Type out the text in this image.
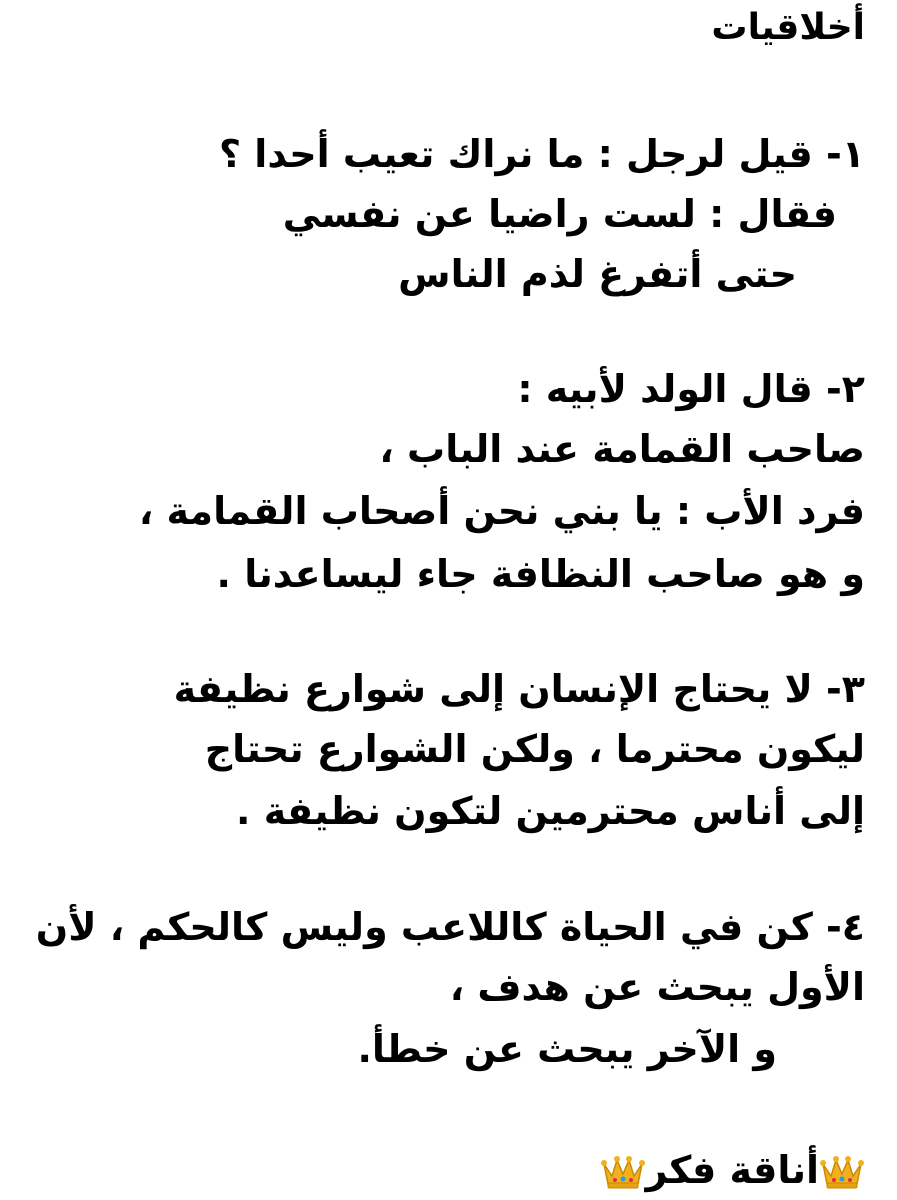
أخلاقيات

١- قيل لرجل : ما نراك تعيب أحدا ؟

فقال : لست راضيا عن نفسي

حتى أتفرغ لذم الناس

٢- قال الولد لأبيه :

صاحب القمامة عند الباب ،

فرد الأب : يا بني نحن أصحاب القمامة ،

و هو صاحب النظافة جاء ليساعدنا .

٣- لا يحتاج الإنسان إلى شوارع نظيفة

ليكون محترما ، ولكن الشوارع تحتاج

إلى أناس محترمين لتكون نظيفة .

٤- كن في الحياة كاللاعب وليس كالحكم ، لأن

الأول يبحث عن هدف ،

و الآخر يبحث عن خطأ.

أناقة فكر
